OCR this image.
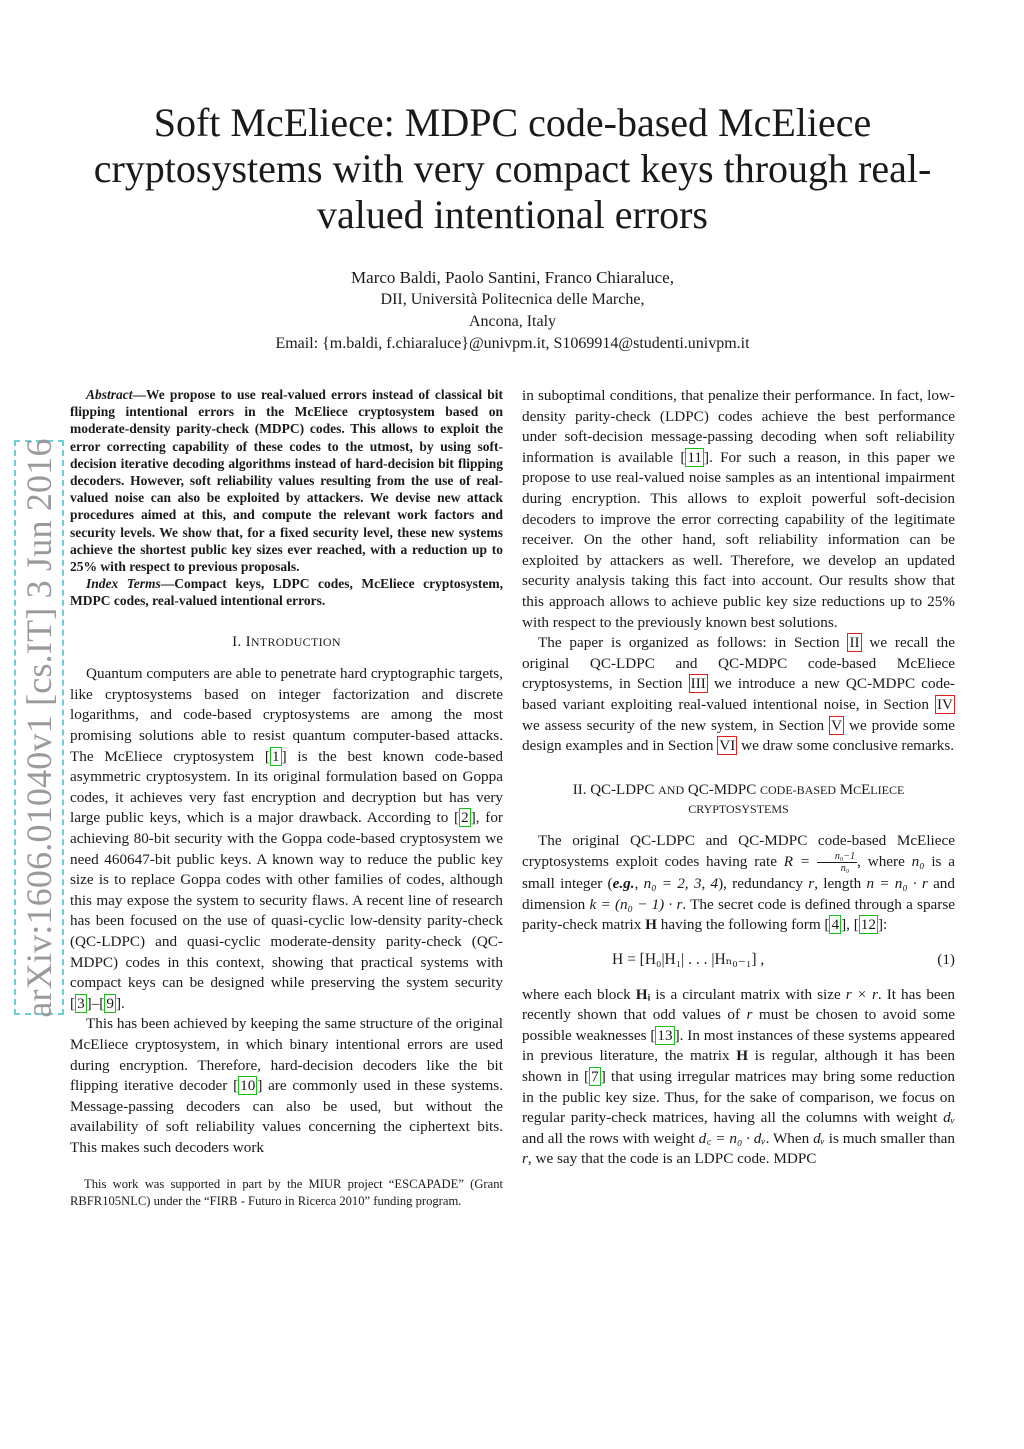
arXiv:1606.01040v1 [cs.IT] 3 Jun 2016
Soft McEliece: MDPC code-based McEliece cryptosystems with very compact keys through real-valued intentional errors
Marco Baldi, Paolo Santini, Franco Chiaraluce,
DII, Università Politecnica delle Marche,
Ancona, Italy
Email: {m.baldi, f.chiaraluce}@univpm.it, S1069914@studenti.univpm.it

Abstract—We propose to use real-valued errors instead of classical bit flipping intentional errors in the McEliece cryptosystem based on moderate-density parity-check (MDPC) codes. This allows to exploit the error correcting capability of these codes to the utmost, by using soft-decision iterative decoding algorithms instead of hard-decision bit flipping decoders. However, soft reliability values resulting from the use of real-valued noise can also be exploited by attackers. We devise new attack procedures aimed at this, and compute the relevant work factors and security levels. We show that, for a fixed security level, these new systems achieve the shortest public key sizes ever reached, with a reduction up to 25% with respect to previous proposals.

Index Terms—Compact keys, LDPC codes, McEliece cryptosystem, MDPC codes, real-valued intentional errors.

I. INTRODUCTION

Quantum computers are able to penetrate hard cryptographic targets, like cryptosystems based on integer factorization and discrete logarithms, and code-based cryptosystems are among the most promising solutions able to resist quantum computer-based attacks. The McEliece cryptosystem [ 1 ] is the best known code-based asymmetric cryptosystem. In its original formulation based on Goppa codes, it achieves very fast encryption and decryption but has very large public keys, which is a major drawback. According to [ 2 ], for achieving 80-bit security with the Goppa code-based cryptosystem we need 460647-bit public keys. A known way to reduce the public key size is to replace Goppa codes with other families of codes, although this may expose the system to security flaws. A recent line of research has been focused on the use of quasi-cyclic low-density parity-check (QC-LDPC) and quasi-cyclic moderate-density parity-check (QC-MDPC) codes in this context, showing that practical systems with compact keys can be designed while preserving the system security [ 3 ]–[ 9 ].

This has been achieved by keeping the same structure of the original McEliece cryptosystem, in which binary intentional errors are used during encryption. Therefore, hard-decision decoders like the bit flipping iterative decoder [ 10 ] are commonly used in these systems. Message-passing decoders can also be used, but without the availability of soft reliability values concerning the ciphertext bits. This makes such decoders work

This work was supported in part by the MIUR project “ESCAPADE” (Grant RBFR105NLC) under the “FIRB - Futuro in Ricerca 2010” funding program.

in suboptimal conditions, that penalize their performance. In fact, low-density parity-check (LDPC) codes achieve the best performance under soft-decision message-passing decoding when soft reliability information is available [ 11 ]. For such a reason, in this paper we propose to use real-valued noise samples as an intentional impairment during encryption. This allows to exploit powerful soft-decision decoders to improve the error correcting capability of the legitimate receiver. On the other hand, soft reliability information can be exploited by attackers as well. Therefore, we develop an updated security analysis taking this fact into account. Our results show that this approach allows to achieve public key size reductions up to 25% with respect to the previously known best solutions.

The paper is organized as follows: in Section II we recall the original QC-LDPC and QC-MDPC code-based McEliece cryptosystems, in Section III we introduce a new QC-MDPC code-based variant exploiting real-valued intentional noise, in Section IV we assess security of the new system, in Section V we provide some design examples and in Section VI we draw some conclusive remarks.

II. QC-LDPC AND QC-MDPC CODE-BASED MCELIECE
CRYPTOSYSTEMS

The original QC-LDPC and QC-MDPC code-based McEliece cryptosystems exploit codes having rate $R = \frac{\text{n₀−1}}{\text{n₀}}$ , where n₀ is a small integer (e.g., n₀ = 2, 3, 4), redundancy r, length n = n₀ · r and dimension k = (n₀ − 1) · r. The secret code is defined through a sparse parity-check matrix H having the following form [ 4 ], [ 12 ]:

H = [H₀|H₁| . . . |Hₙ₀₋₁] ,	(1)

where each block Hᵢ is a circulant matrix with size r × r. It has been recently shown that odd values of r must be chosen to avoid some possible weaknesses [ 13 ]. In most instances of these systems appeared in previous literature, the matrix H is regular, although it has been shown in [ 7 ] that using irregular matrices may bring some reduction in the public key size. Thus, for the sake of comparison, we focus on regular parity-check matrices, having all the columns with weight dᵥ and all the rows with weight d꜀ = n₀ · dᵥ. When dᵥ is much smaller than r, we say that the code is an LDPC code. MDPC
